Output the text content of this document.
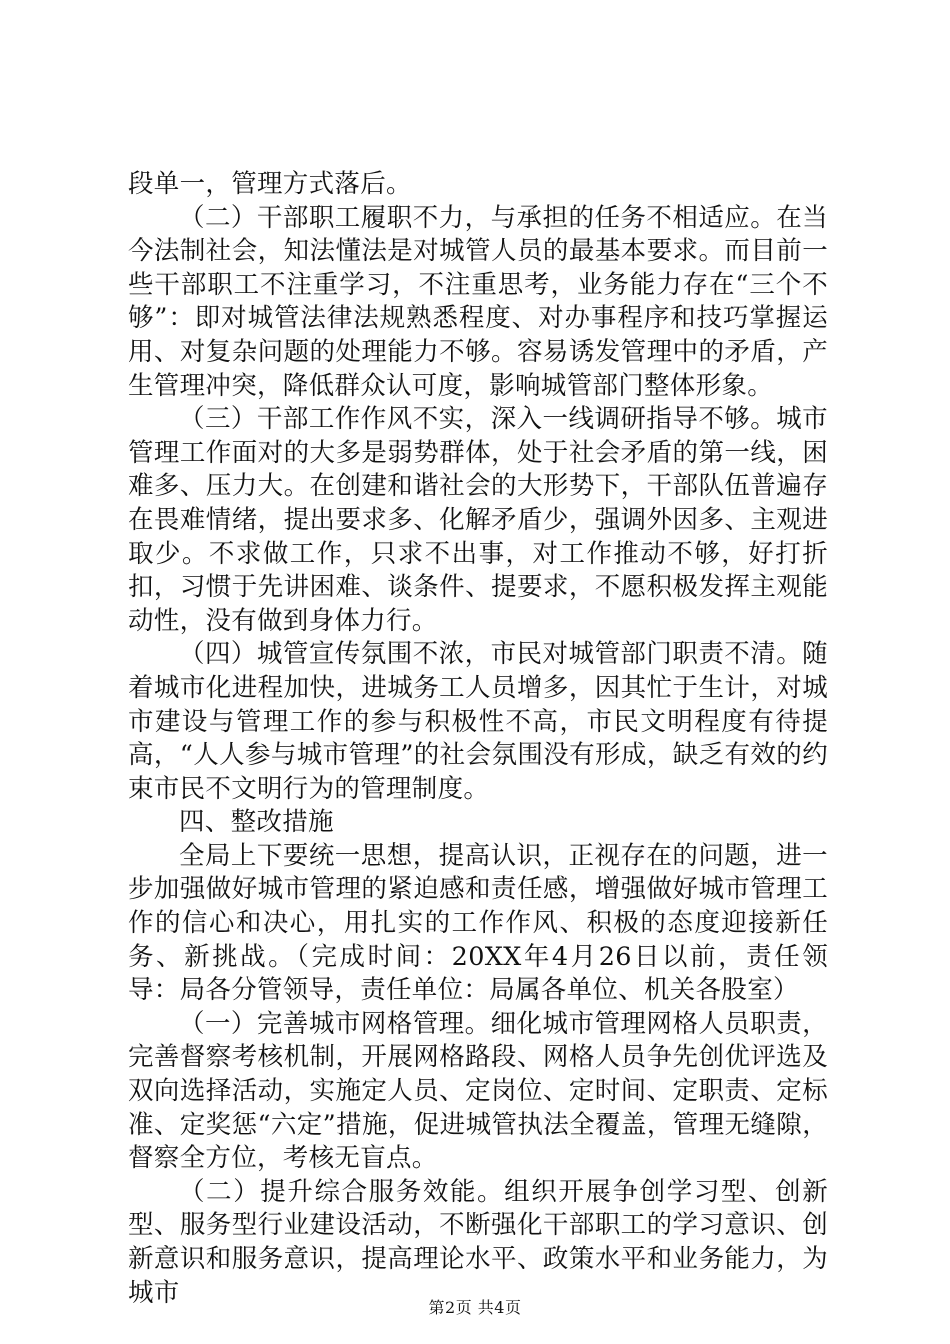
段单一，管理方式落后。

（二）干部职工履职不力，与承担的任务不相适应。在当今法制社会，知法懂法是对城管人员的最基本要求。而目前一些干部职工不注重学习，不注重思考，业务能力存在“三个不够”：即对城管法律法规熟悉程度、对办事程序和技巧掌握运用、对复杂问题的处理能力不够。容易诱发管理中的矛盾，产生管理冲突，降低群众认可度，影响城管部门整体形象。

（三）干部工作作风不实，深入一线调研指导不够。城市管理工作面对的大多是弱势群体，处于社会矛盾的第一线，困难多、压力大。在创建和谐社会的大形势下，干部队伍普遍存在畏难情绪，提出要求多、化解矛盾少，强调外因多、主观进取少。不求做工作，只求不出事，对工作推动不够，好打折扣，习惯于先讲困难、谈条件、提要求，不愿积极发挥主观能动性，没有做到身体力行。

（四）城管宣传氛围不浓，市民对城管部门职责不清。随着城市化进程加快，进城务工人员增多，因其忙于生计，对城市建设与管理工作的参与积极性不高，市民文明程度有待提高，“人人参与城市管理”的社会氛围没有形成，缺乏有效的约束市民不文明行为的管理制度。

四、整改措施

全局上下要统一思想，提高认识，正视存在的问题，进一步加强做好城市管理的紧迫感和责任感，增强做好城市管理工作的信心和决心，用扎实的工作作风、积极的态度迎接新任务、新挑战。（完成时间：20XX年4月26日以前，责任领导：局各分管领导，责任单位：局属各单位、机关各股室）

（一）完善城市网格管理。细化城市管理网格人员职责，完善督察考核机制，开展网格路段、网格人员争先创优评选及双向选择活动，实施定人员、定岗位、定时间、定职责、定标准、定奖惩“六定”措施，促进城管执法全覆盖，管理无缝隙，督察全方位，考核无盲点。

（二）提升综合服务效能。组织开展争创学习型、创新型、服务型行业建设活动，不断强化干部职工的学习意识、创新意识和服务意识，提高理论水平、政策水平和业务能力，为城市	第2页 共4页
